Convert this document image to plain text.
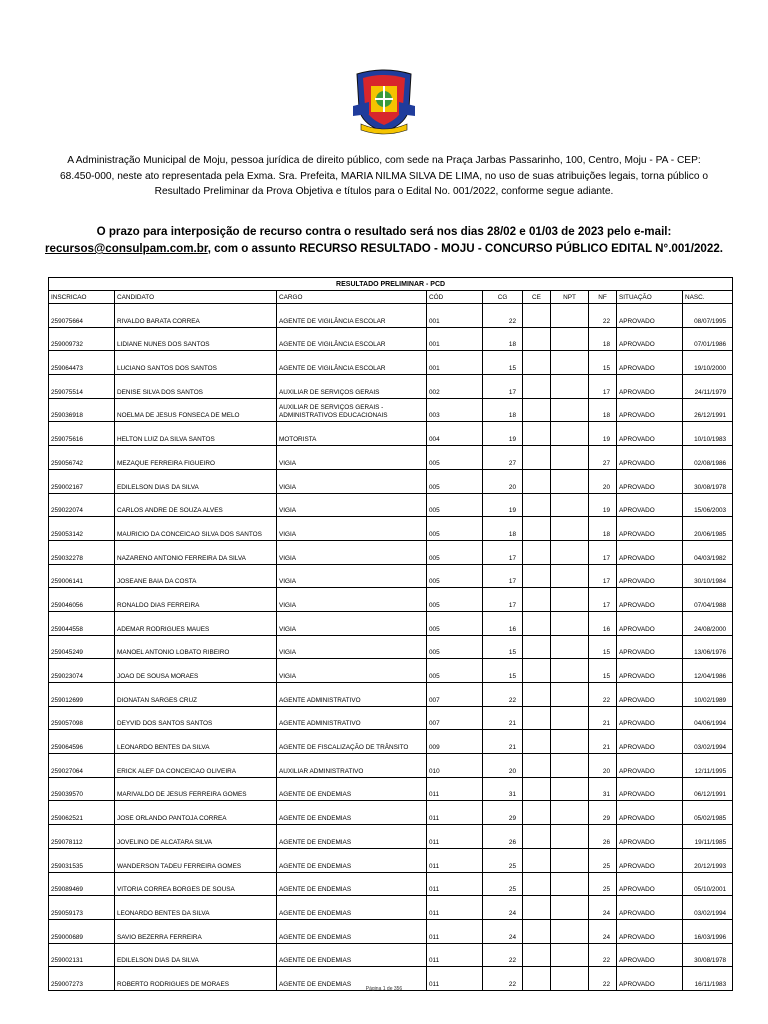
A Administração Municipal de Moju, pessoa jurídica de direito público, com sede na Praça Jarbas Passarinho, 100, Centro, Moju - PA - CEP: 68.450-000, neste ato representada pela Exma. Sra. Prefeita, MARIA NILMA SILVA DE LIMA, no uso de suas atribuições legais, torna público o Resultado Preliminar da Prova Objetiva e títulos para o Edital No. 001/2022, conforme segue adiante.
O prazo para interposição de recurso contra o resultado será nos dias 28/02 e 01/03 de 2023 pelo e-mail:
recursos@consulpam.com.br, com o assunto RECURSO RESULTADO - MOJU - CONCURSO PÚBLICO EDITAL N°.001/2022.
RESULTADO PRELIMINAR - PCD									
INSCRICAO	CANDIDATO	CARGO	CÓD	CG	CE	NPT	NF	SITUAÇÃO	NASC.
259075664	RIVALDO BARATA CORREA	AGENTE DE VIGILÂNCIA ESCOLAR	001	22			22	APROVADO	08/07/1995
259009732	LIDIANE NUNES DOS SANTOS	AGENTE DE VIGILÂNCIA ESCOLAR	001	18			18	APROVADO	07/01/1986
259064473	LUCIANO SANTOS DOS SANTOS	AGENTE DE VIGILÂNCIA ESCOLAR	001	15			15	APROVADO	19/10/2000
259075514	DENISE SILVA DOS SANTOS	AUXILIAR DE SERVIÇOS GERAIS	002	17			17	APROVADO	24/11/1979
259036918	NOELMA DE JESUS FONSECA DE MELO	AUXILIAR DE SERVIÇOS GERAIS - ADMINISTRATIVOS EDUCACIONAIS	003	18			18	APROVADO	26/12/1991
259075616	HELTON LUIZ DA SILVA SANTOS	MOTORISTA	004	19			19	APROVADO	10/10/1983
259056742	MEZAQUE FERREIRA FIGUEIRO	VIGIA	005	27			27	APROVADO	02/08/1986
259002167	EDILELSON DIAS DA SILVA	VIGIA	005	20			20	APROVADO	30/08/1978
259022074	CARLOS ANDRE DE SOUZA ALVES	VIGIA	005	19			19	APROVADO	15/06/2003
259053142	MAURICIO DA CONCEICAO SILVA DOS SANTOS	VIGIA	005	18			18	APROVADO	20/06/1985
259032278	NAZARENO ANTONIO FERREIRA DA SILVA	VIGIA	005	17			17	APROVADO	04/03/1982
259006141	JOSEANE BAIA DA COSTA	VIGIA	005	17			17	APROVADO	30/10/1984
259046056	RONALDO DIAS FERREIRA	VIGIA	005	17			17	APROVADO	07/04/1988
259044558	ADEMAR RODRIGUES MAUES	VIGIA	005	16			16	APROVADO	24/08/2000
259045249	MANOEL ANTONIO LOBATO RIBEIRO	VIGIA	005	15			15	APROVADO	13/06/1976
259023074	JOAO DE SOUSA MORAES	VIGIA	005	15			15	APROVADO	12/04/1986
259012699	DIONATAN SARGES CRUZ	AGENTE ADMINISTRATIVO	007	22			22	APROVADO	10/02/1989
259057098	DEYVID DOS SANTOS SANTOS	AGENTE ADMINISTRATIVO	007	21			21	APROVADO	04/06/1994
259064596	LEONARDO BENTES DA SILVA	AGENTE DE FISCALIZAÇÃO DE TRÂNSITO	009	21			21	APROVADO	03/02/1994
259027064	ERICK ALEF DA CONCEICAO OLIVEIRA	AUXILIAR ADMINISTRATIVO	010	20			20	APROVADO	12/11/1995
259039570	MARIVALDO DE JESUS FERREIRA GOMES	AGENTE DE ENDEMIAS	011	31			31	APROVADO	06/12/1991
259062521	JOSE ORLANDO PANTOJA CORREA	AGENTE DE ENDEMIAS	011	29			29	APROVADO	05/02/1985
259078112	JOVELINO DE ALCATARA SILVA	AGENTE DE ENDEMIAS	011	26			26	APROVADO	19/11/1985
259031535	WANDERSON TADEU FERREIRA GOMES	AGENTE DE ENDEMIAS	011	25			25	APROVADO	20/12/1993
259089469	VITORIA CORREA BORGES DE SOUSA	AGENTE DE ENDEMIAS	011	25			25	APROVADO	05/10/2001
259059173	LEONARDO BENTES DA SILVA	AGENTE DE ENDEMIAS	011	24			24	APROVADO	03/02/1994
259000689	SAVIO BEZERRA FERREIRA	AGENTE DE ENDEMIAS	011	24			24	APROVADO	16/03/1996
259002131	EDILELSON DIAS DA SILVA	AGENTE DE ENDEMIAS	011	22			22	APROVADO	30/08/1978
259007273	ROBERTO RODRIGUES DE MORAES	AGENTE DE ENDEMIAS	011	22			22	APROVADO	16/11/1983
Página 1 de 356
